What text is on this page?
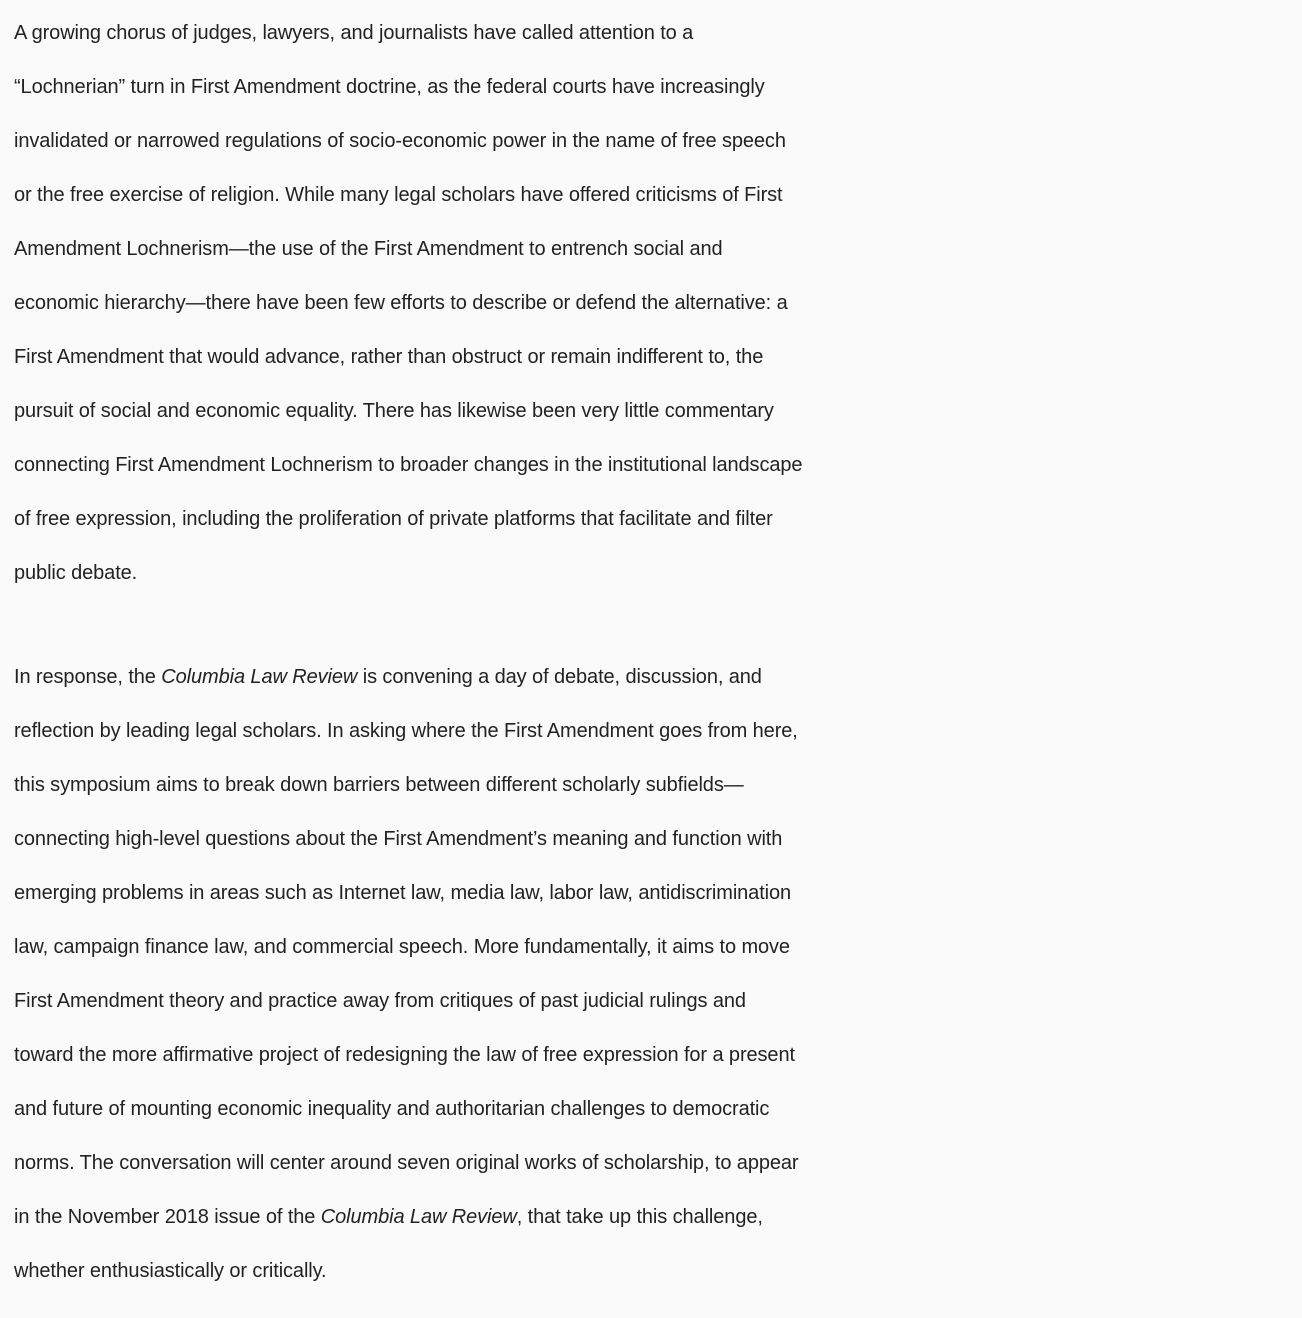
A growing chorus of judges, lawyers, and journalists have called attention to a
“Lochnerian” turn in First Amendment doctrine, as the federal courts have increasingly
invalidated or narrowed regulations of socio-economic power in the name of free speech
or the free exercise of religion. While many legal scholars have offered criticisms of First
Amendment Lochnerism—the use of the First Amendment to entrench social and
economic hierarchy—there have been few efforts to describe or defend the alternative: a
First Amendment that would advance, rather than obstruct or remain indifferent to, the
pursuit of social and economic equality. There has likewise been very little commentary
connecting First Amendment Lochnerism to broader changes in the institutional landscape
of free expression, including the proliferation of private platforms that facilitate and filter
public debate.

In response, the Columbia Law Review is convening a day of debate, discussion, and
reflection by leading legal scholars. In asking where the First Amendment goes from here,
this symposium aims to break down barriers between different scholarly subfields—
connecting high-level questions about the First Amendment’s meaning and function with
emerging problems in areas such as Internet law, media law, labor law, antidiscrimination
law, campaign finance law, and commercial speech. More fundamentally, it aims to move
First Amendment theory and practice away from critiques of past judicial rulings and
toward the more affirmative project of redesigning the law of free expression for a present
and future of mounting economic inequality and authoritarian challenges to democratic
norms. The conversation will center around seven original works of scholarship, to appear
in the November 2018 issue of the Columbia Law Review, that take up this challenge,
whether enthusiastically or critically.
